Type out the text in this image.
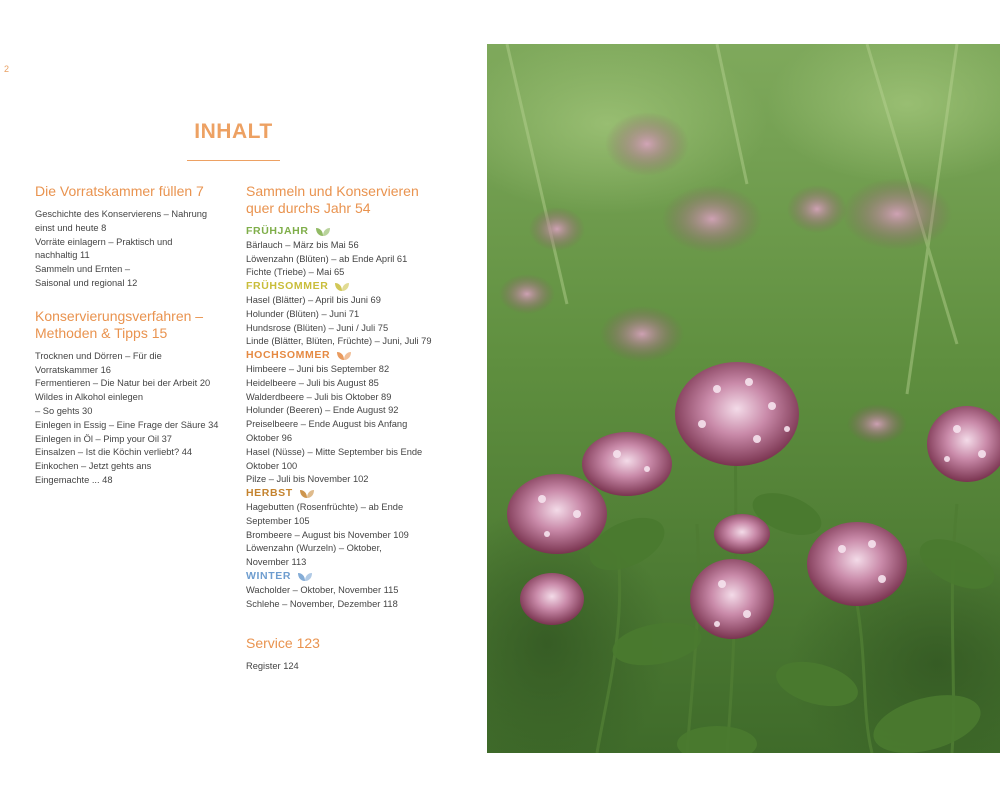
2
INHALT
Die Vorratskammer füllen 7
Geschichte des Konservierens – Nahrung
einst und heute 8
Vorräte einlagern – Praktisch und
nachhaltig 11
Sammeln und Ernten –
Saisonal und regional 12
Konservierungsverfahren –
Methoden & Tipps 15
Trocknen und Dörren – Für die
Vorratskammer 16
Fermentieren – Die Natur bei der Arbeit 20
Wildes in Alkohol einlegen
– So gehts 30
Einlegen in Essig – Eine Frage der Säure 34
Einlegen in Öl – Pimp your Oil 37
Einsalzen – Ist die Köchin verliebt? 44
Einkochen – Jetzt gehts ans
Eingemachte ... 48
Sammeln und Konservieren
quer durchs Jahr 54
FRÜHJAHR
Bärlauch – März bis Mai 56
Löwenzahn (Blüten) – ab Ende April 61
Fichte (Triebe) – Mai 65
FRÜHSOMMER
Hasel (Blätter) – April bis Juni 69
Holunder (Blüten) – Juni 71
Hundsrose (Blüten) – Juni / Juli 75
Linde (Blätter, Blüten, Früchte) – Juni, Juli 79
HOCHSOMMER
Himbeere – Juni bis September 82
Heidelbeere – Juli bis August 85
Walderdbeere – Juli bis Oktober 89
Holunder (Beeren) – Ende August 92
Preiselbeere – Ende August bis Anfang
Oktober 96
Hasel (Nüsse) – Mitte September bis Ende
Oktober 100
Pilze – Juli bis November 102
HERBST
Hagebutten (Rosenfrüchte) – ab Ende
September 105
Brombeere – August bis November 109
Löwenzahn (Wurzeln) – Oktober,
November 113
WINTER
Wacholder – Oktober, November 115
Schlehe – November, Dezember 118
Service 123
Register 124
